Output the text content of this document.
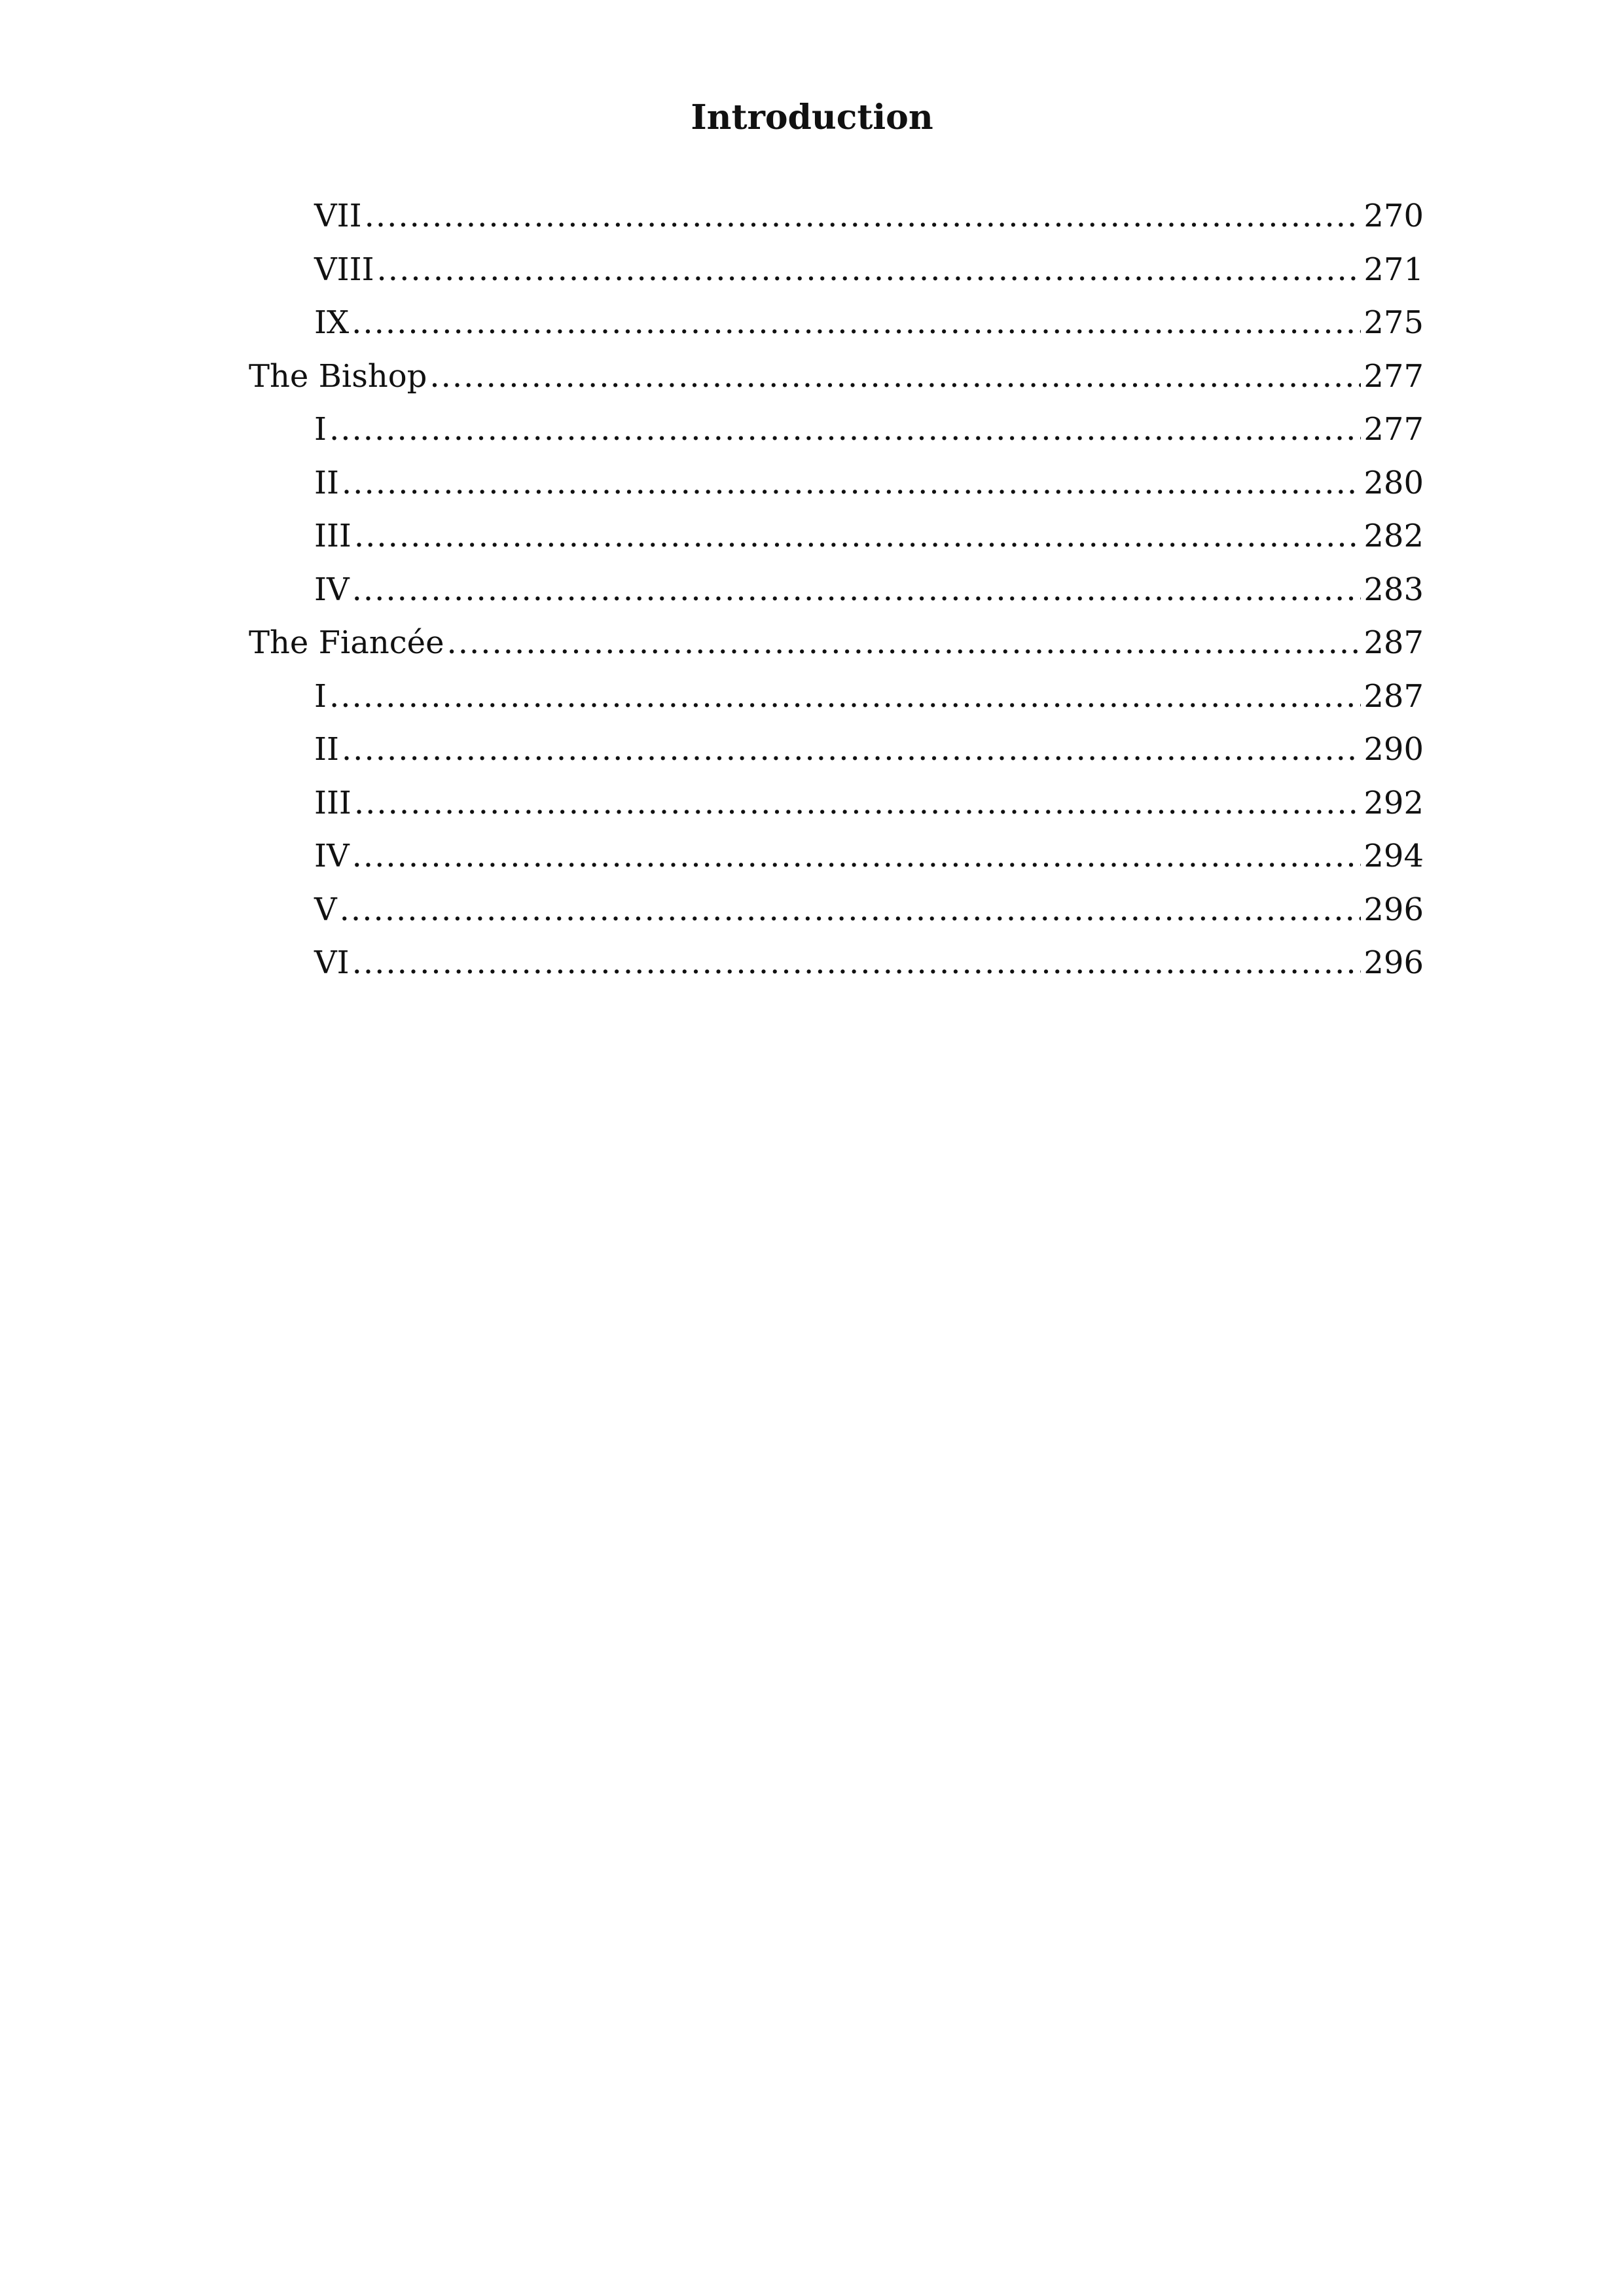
Introduction
VII .....	270
VIII .....	271
IX .....	275
The Bishop .....	277
I .....	277
II .....	280
III .....	282
IV .....	283
The Fiancée .....	287
I .....	287
II .....	290
III .....	292
IV .....	294
V .....	296
VI .....	296
